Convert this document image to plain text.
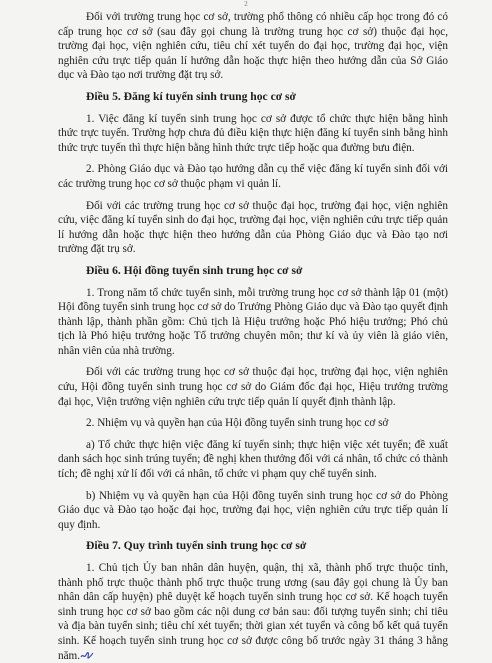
2

Đối với trường trung học cơ sở, trường phổ thông có nhiều cấp học trong đó có cấp trung học cơ sở (sau đây gọi chung là trường trung học cơ sở) thuộc đại học, trường đại học, viện nghiên cứu, tiêu chí xét tuyển do đại học, trường đại học, viện nghiên cứu trực tiếp quản lí hướng dẫn hoặc thực hiện theo hướng dẫn của Sở Giáo dục và Đào tạo nơi trường đặt trụ sở.

Điều 5. Đăng kí tuyển sinh trung học cơ sở

1. Việc đăng kí tuyển sinh trung học cơ sở được tổ chức thực hiện bằng hình thức trực tuyến. Trường hợp chưa đủ điều kiện thực hiện đăng kí tuyển sinh bằng hình thức trực tuyến thì thực hiện bằng hình thức trực tiếp hoặc qua đường bưu điện.

2. Phòng Giáo dục và Đào tạo hướng dẫn cụ thể việc đăng kí tuyển sinh đối với các trường trung học cơ sở thuộc phạm vi quản lí.

Đối với các trường trung học cơ sở thuộc đại học, trường đại học, viện nghiên cứu, việc đăng kí tuyển sinh do đại học, trường đại học, viện nghiên cứu trực tiếp quản lí hướng dẫn hoặc thực hiện theo hướng dẫn của Phòng Giáo dục và Đào tạo nơi trường đặt trụ sở.

Điều 6. Hội đồng tuyển sinh trung học cơ sở

1. Trong năm tổ chức tuyển sinh, mỗi trường trung học cơ sở thành lập 01 (một) Hội đồng tuyển sinh trung học cơ sở do Trưởng Phòng Giáo dục và Đào tạo quyết định thành lập, thành phần gồm: Chủ tịch là Hiệu trưởng hoặc Phó hiệu trưởng; Phó chủ tịch là Phó hiệu trưởng hoặc Tổ trưởng chuyên môn; thư kí và ủy viên là giáo viên, nhân viên của nhà trường.

Đối với các trường trung học cơ sở thuộc đại học, trường đại học, viện nghiên cứu, Hội đồng tuyển sinh trung học cơ sở do Giám đốc đại học, Hiệu trưởng trường đại học, Viện trưởng viện nghiên cứu trực tiếp quản lí quyết định thành lập.

2. Nhiệm vụ và quyền hạn của Hội đồng tuyển sinh trung học cơ sở

a) Tổ chức thực hiện việc đăng kí tuyển sinh; thực hiện việc xét tuyển; đề xuất danh sách học sinh trúng tuyển; đề nghị khen thưởng đối với cá nhân, tổ chức có thành tích; đề nghị xử lí đối với cá nhân, tổ chức vi phạm quy chế tuyển sinh.

b) Nhiệm vụ và quyền hạn của Hội đồng tuyển sinh trung học cơ sở do Phòng Giáo dục và Đào tạo hoặc đại học, trường đại học, viện nghiên cứu trực tiếp quản lí quy định.

Điều 7. Quy trình tuyển sinh trung học cơ sở

1. Chủ tịch Ủy ban nhân dân huyện, quận, thị xã, thành phố trực thuộc tỉnh, thành phố trực thuộc thành phố trực thuộc trung ương (sau đây gọi chung là Ủy ban nhân dân cấp huyện) phê duyệt kế hoạch tuyển sinh trung học cơ sở. Kế hoạch tuyển sinh trung học cơ sở bao gồm các nội dung cơ bản sau: đối tượng tuyển sinh; chỉ tiêu và địa bàn tuyển sinh; tiêu chí xét tuyển; thời gian xét tuyển và công bố kết quả tuyển sinh. Kế hoạch tuyển sinh trung học cơ sở được công bố trước ngày 31 tháng 3 hằng năm.
